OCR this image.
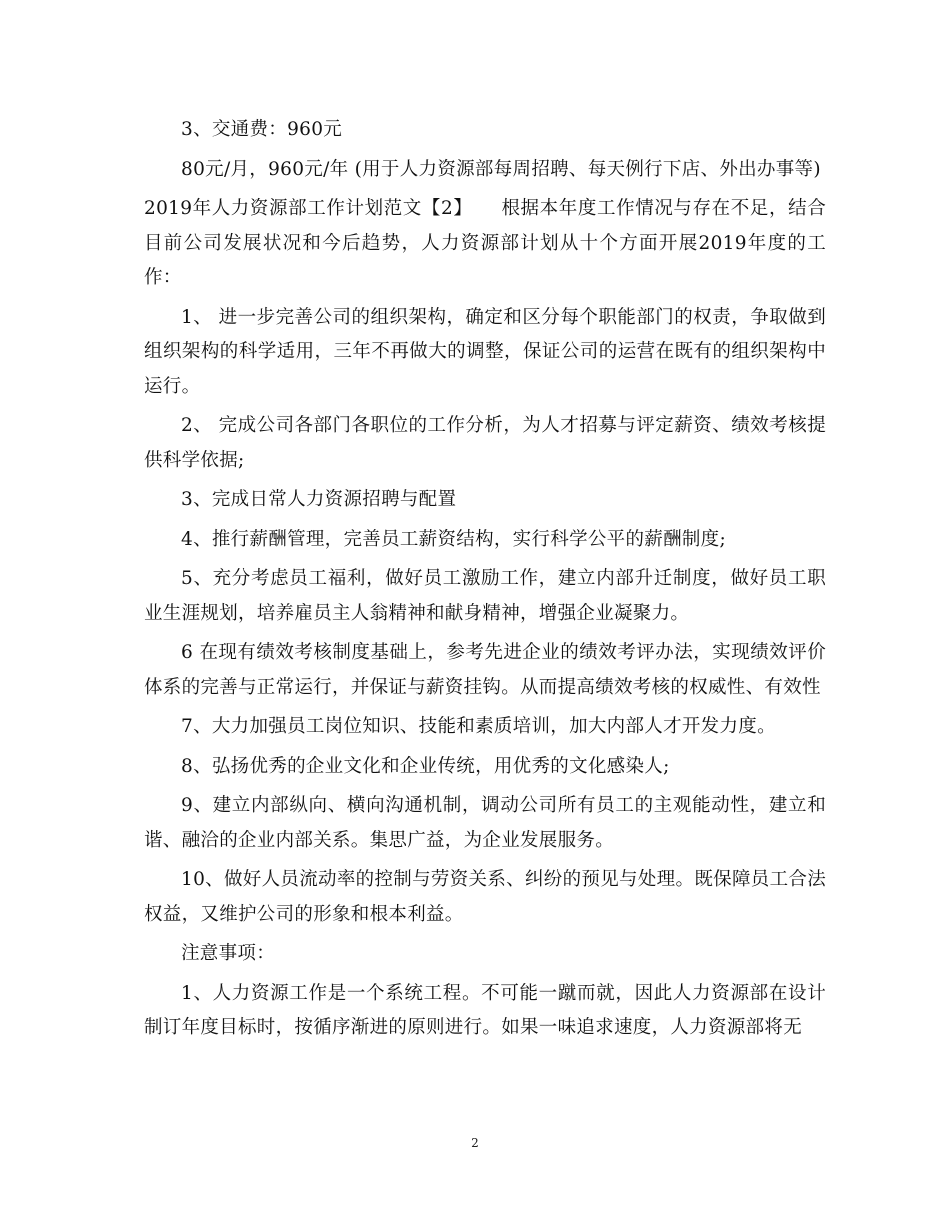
3、交通费：960元

80元/月，960元/年 (用于人力资源部每周招聘、每天例行下店、外出办事等)

2019年人力资源部工作计划范文【2】　　根据本年度工作情况与存在不足，结合目前公司发展状况和今后趋势，人力资源部计划从十个方面开展2019年度的工作：

1、 进一步完善公司的组织架构，确定和区分每个职能部门的权责，争取做到组织架构的科学适用，三年不再做大的调整，保证公司的运营在既有的组织架构中运行。

2、 完成公司各部门各职位的工作分析，为人才招募与评定薪资、绩效考核提供科学依据;

3、完成日常人力资源招聘与配置

4、推行薪酬管理，完善员工薪资结构，实行科学公平的薪酬制度;

5、充分考虑员工福利，做好员工激励工作，建立内部升迁制度，做好员工职业生涯规划，培养雇员主人翁精神和献身精神，增强企业凝聚力。

6 在现有绩效考核制度基础上，参考先进企业的绩效考评办法，实现绩效评价体系的完善与正常运行，并保证与薪资挂钩。从而提高绩效考核的权威性、有效性

7、大力加强员工岗位知识、技能和素质培训，加大内部人才开发力度。

8、弘扬优秀的企业文化和企业传统，用优秀的文化感染人;

9、建立内部纵向、横向沟通机制，调动公司所有员工的主观能动性，建立和谐、融洽的企业内部关系。集思广益，为企业发展服务。

10、做好人员流动率的控制与劳资关系、纠纷的预见与处理。既保障员工合法权益，又维护公司的形象和根本利益。

注意事项：

1、人力资源工作是一个系统工程。不可能一蹴而就，因此人力资源部在设计制订年度目标时，按循序渐进的原则进行。如果一味追求速度，人力资源部将无

2
